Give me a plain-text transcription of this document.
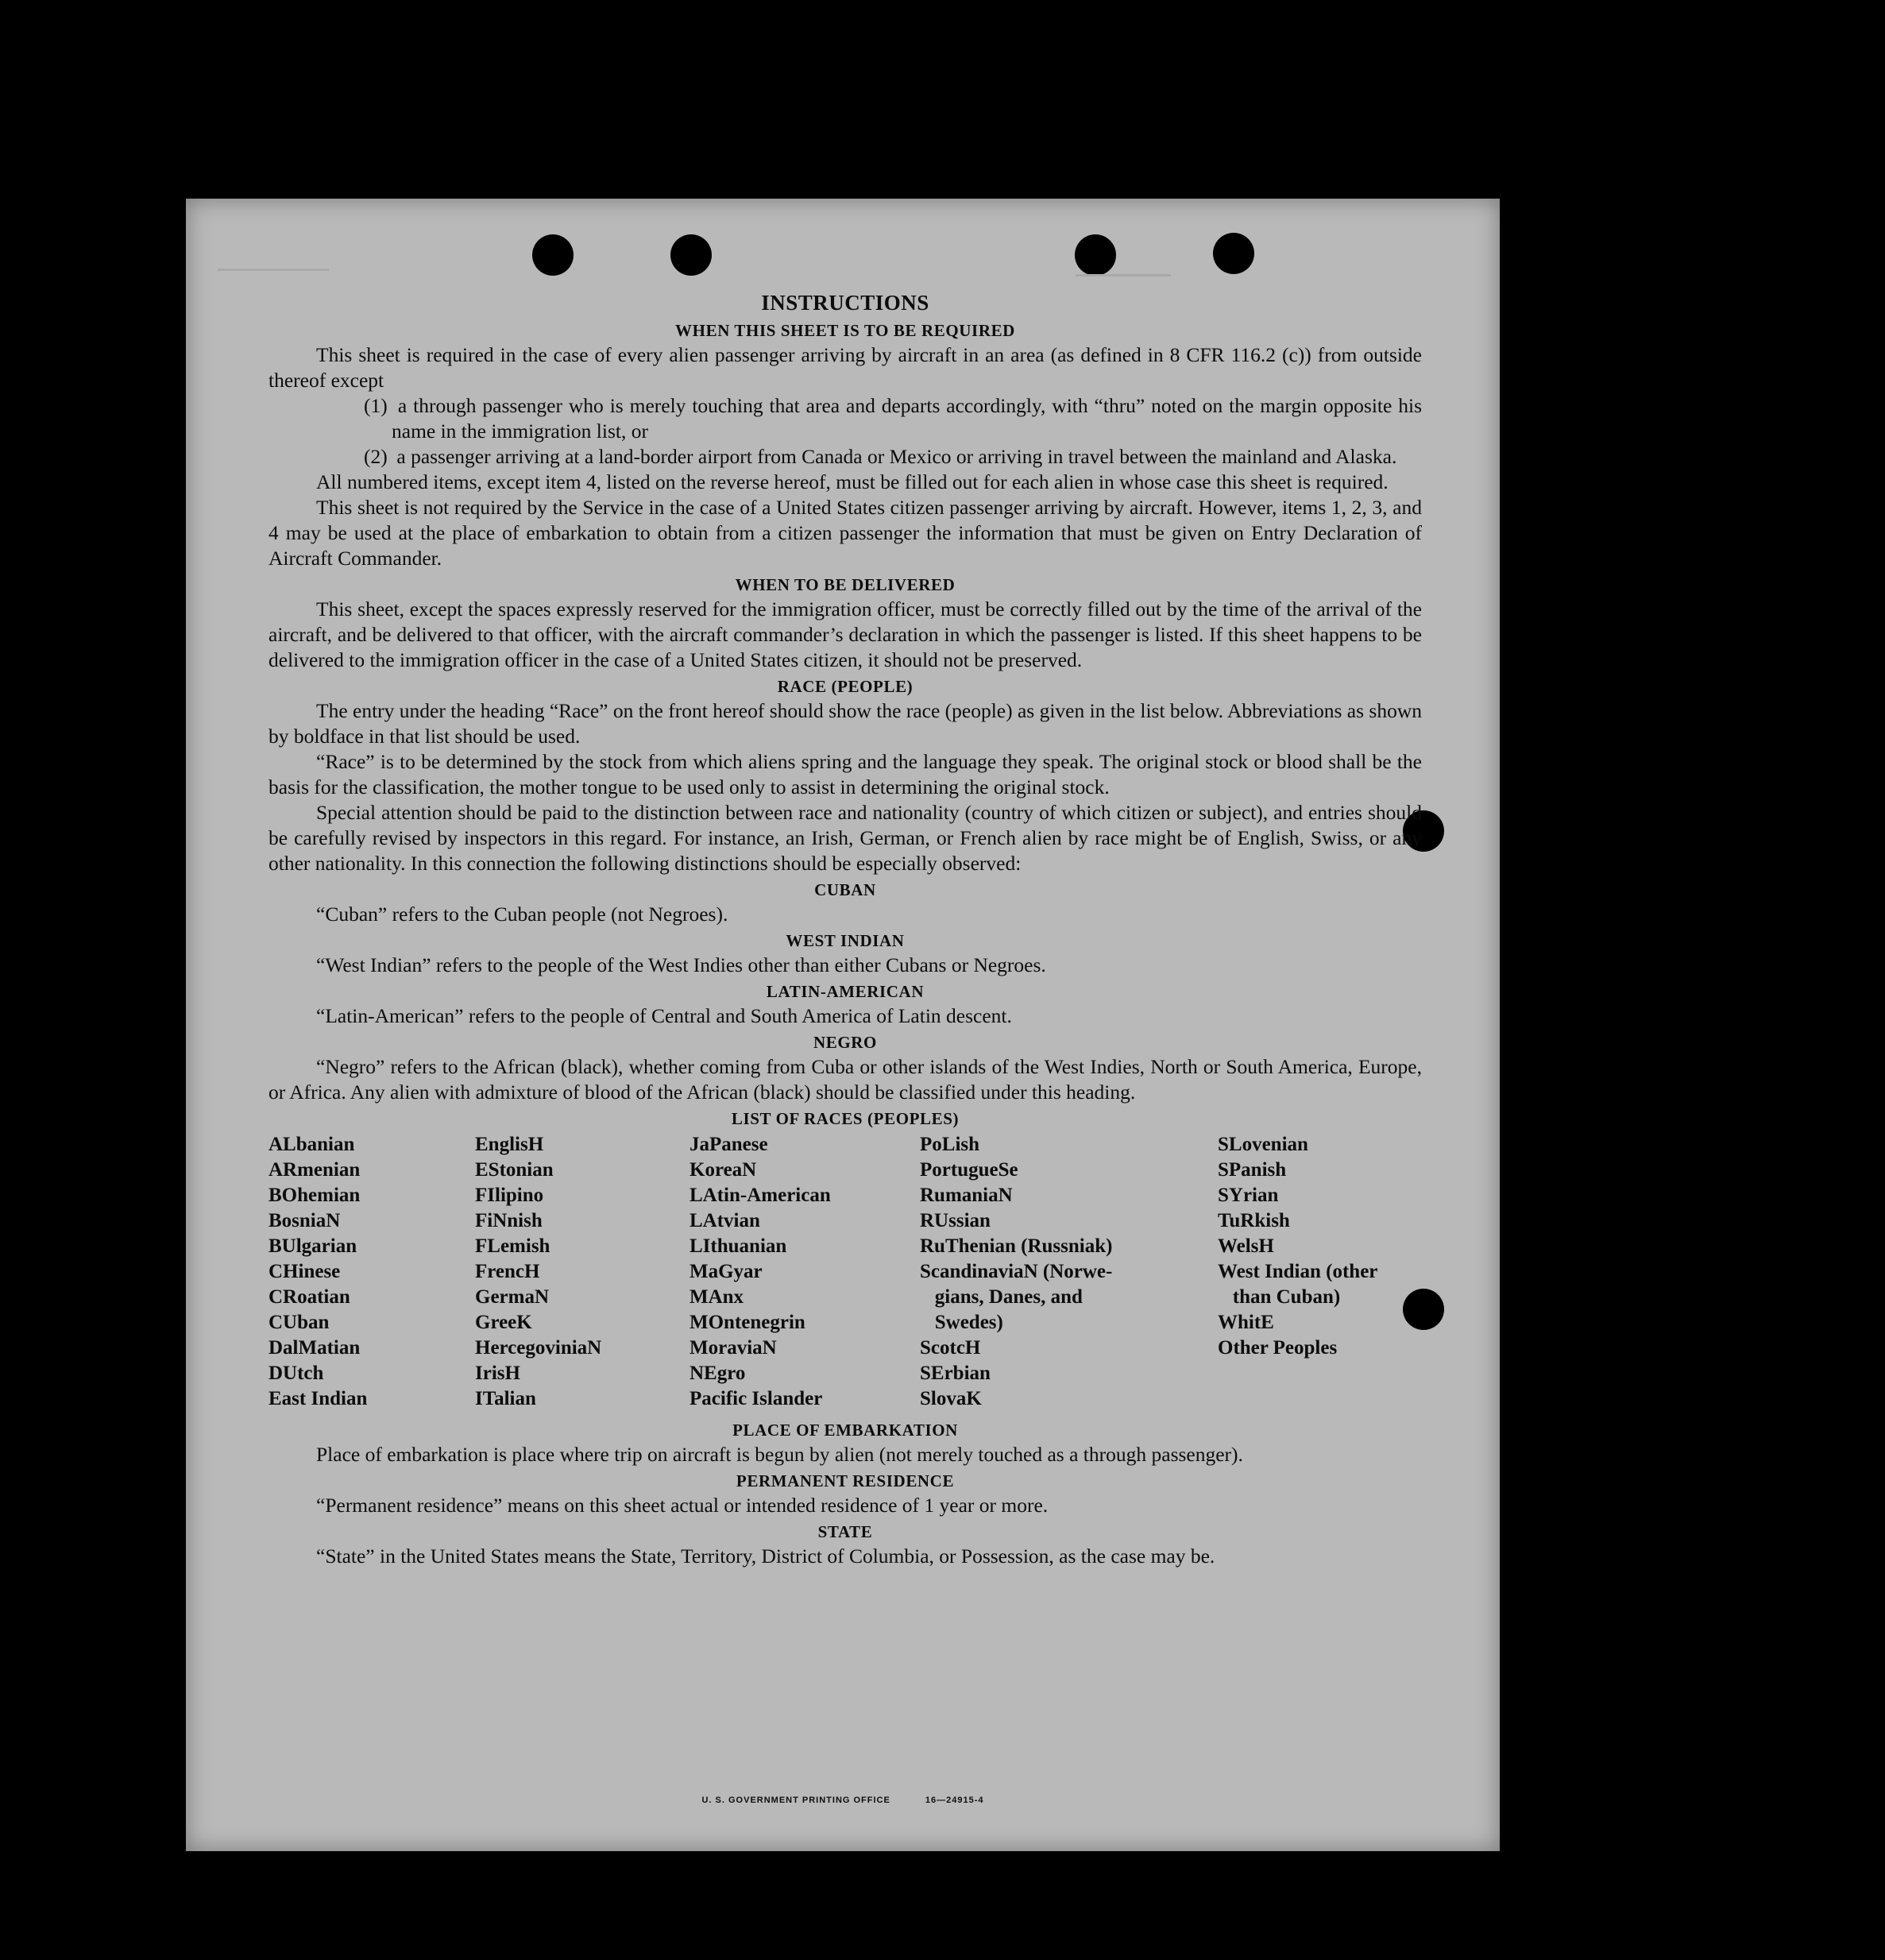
INSTRUCTIONS
WHEN THIS SHEET IS TO BE REQUIRED

This sheet is required in the case of every alien passenger arriving by aircraft in an area (as defined in 8 CFR 116.2 (c)) from outside thereof except

(1) a through passenger who is merely touching that area and departs accordingly, with “thru” noted on the margin opposite his name in the immigration list, or
(2) a passenger arriving at a land-border airport from Canada or Mexico or arriving in travel between the mainland and Alaska.

All numbered items, except item 4, listed on the reverse hereof, must be filled out for each alien in whose case this sheet is required.

This sheet is not required by the Service in the case of a United States citizen passenger arriving by aircraft. However, items 1, 2, 3, and 4 may be used at the place of embarkation to obtain from a citizen passenger the information that must be given on Entry Declaration of Aircraft Commander.

WHEN TO BE DELIVERED

This sheet, except the spaces expressly reserved for the immigration officer, must be correctly filled out by the time of the arrival of the aircraft, and be delivered to that officer, with the aircraft commander’s declaration in which the passenger is listed. If this sheet happens to be delivered to the immigration officer in the case of a United States citizen, it should not be preserved.

RACE (PEOPLE)

The entry under the heading “Race” on the front hereof should show the race (people) as given in the list below. Abbreviations as shown by boldface in that list should be used.

“Race” is to be determined by the stock from which aliens spring and the language they speak. The original stock or blood shall be the basis for the classification, the mother tongue to be used only to assist in determining the original stock.

Special attention should be paid to the distinction between race and nationality (country of which citizen or subject), and entries should be carefully revised by inspectors in this regard. For instance, an Irish, German, or French alien by race might be of English, Swiss, or any other nationality. In this connection the following distinctions should be especially observed:

CUBAN

“Cuban” refers to the Cuban people (not Negroes).

WEST INDIAN

“West Indian” refers to the people of the West Indies other than either Cubans or Negroes.

LATIN-AMERICAN

“Latin-American” refers to the people of Central and South America of Latin descent.

NEGRO

“Negro” refers to the African (black), whether coming from Cuba or other islands of the West Indies, North or South America, Europe, or Africa. Any alien with admixture of blood of the African (black) should be classified under this heading.

LIST OF RACES (PEOPLES)
ALbanian
ARmenian
BOhemian
BosniaN
BUlgarian
CHinese
CRoatian
CUban
DalMatian
DUtch
East Indian
EnglisH
EStonian
FIlipino
FiNnish
FLemish
FrencH
GermaN
GreeK
HercegoviniaN
IrisH
ITalian
JaPanese
KoreaN
LAtin-American
LAtvian
LIthuanian
MaGyar
MAnx
MOntenegrin
MoraviaN
NEgro
Pacific Islander
PoLish
PortugueSe
RumaniaN
RUssian
RuThenian (Russniak)
ScandinaviaN (Norwe-
gians, Danes, and
Swedes)
ScotcH
SErbian
SlovaK
SLovenian
SPanish
SYrian
TuRkish
WelsH
West Indian (other
than Cuban)
WhitE
Other Peoples
PLACE OF EMBARKATION

Place of embarkation is place where trip on aircraft is begun by alien (not merely touched as a through passenger).

PERMANENT RESIDENCE

“Permanent residence” means on this sheet actual or intended residence of 1 year or more.

STATE

“State” in the United States means the State, Territory, District of Columbia, or Possession, as the case may be.

U. S. GOVERNMENT PRINTING OFFICE	16—24915-4
